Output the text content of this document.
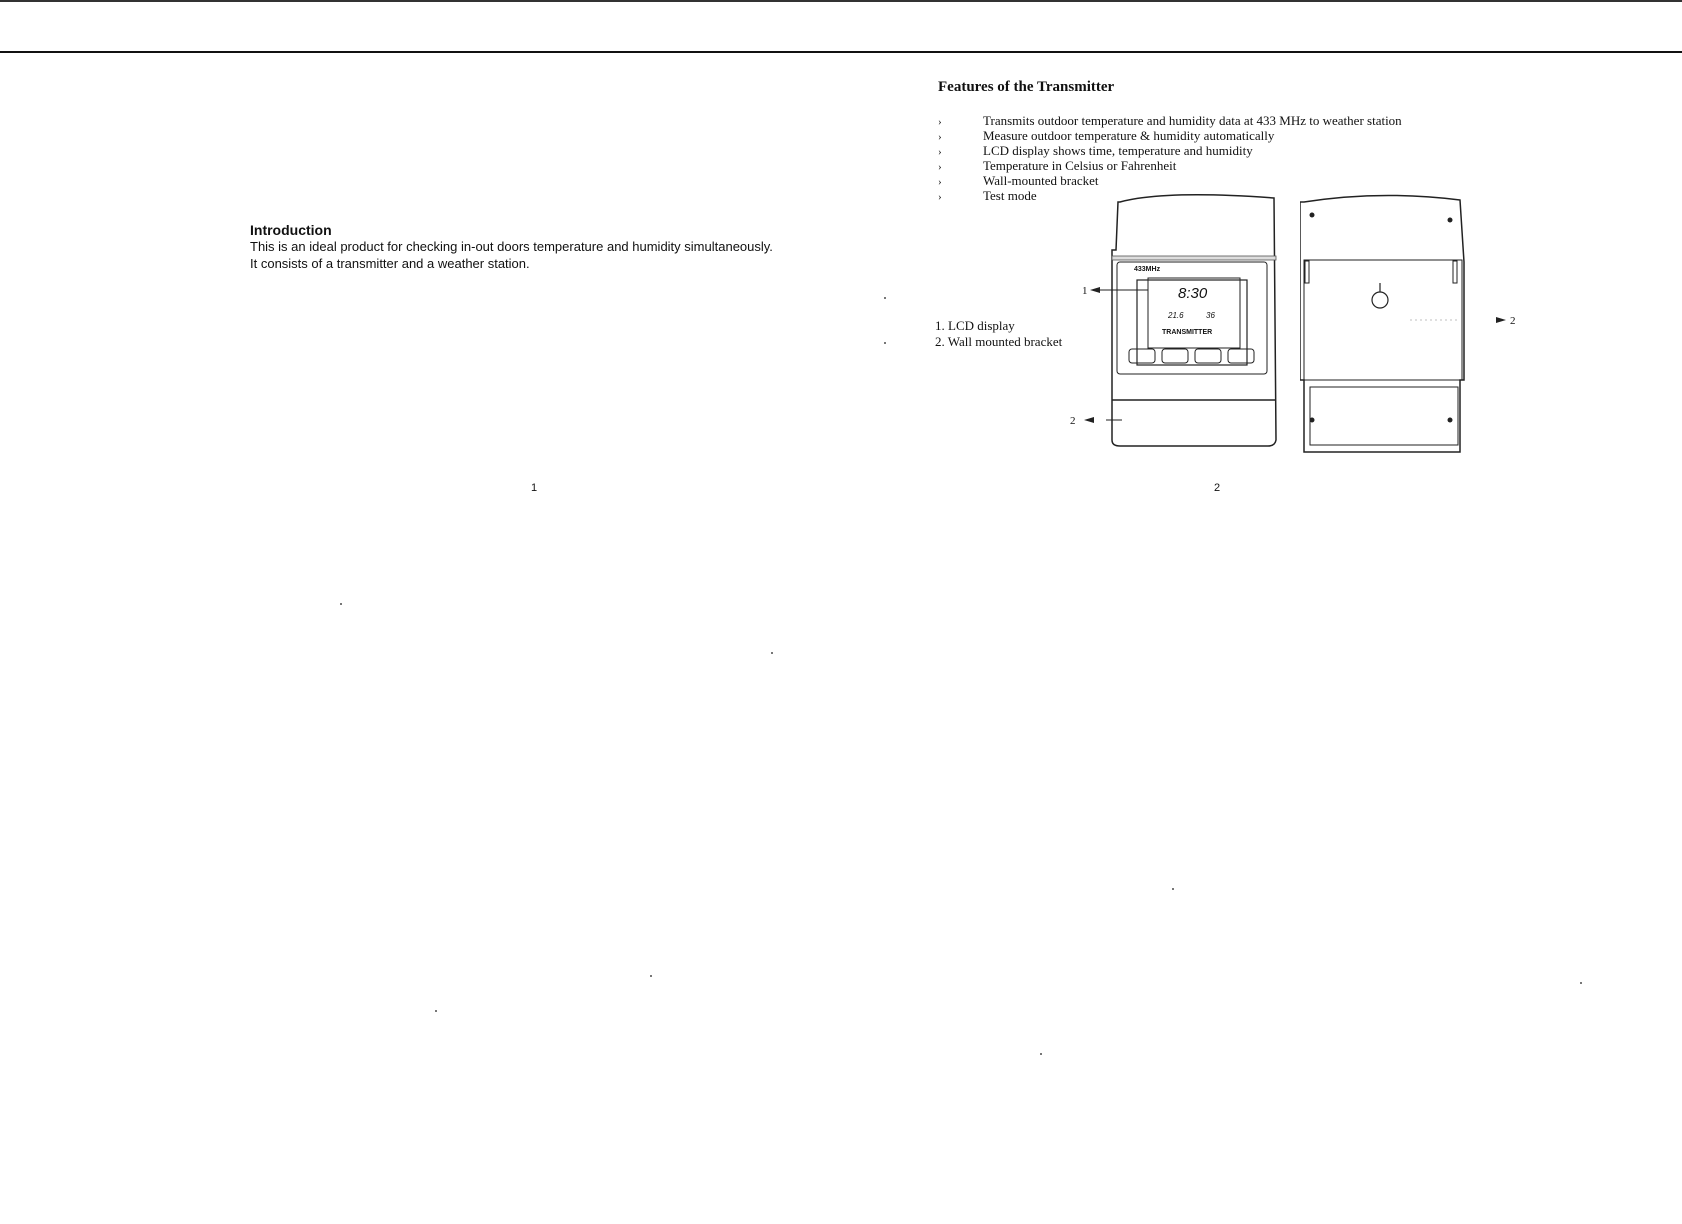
Introduction

This is an ideal product for checking in-out doors temperature and humidity simultaneously.

It consists of a transmitter and a weather station.

1
Features of the Transmitter
›	Transmits outdoor temperature and humidity data at 433 MHz to weather station
›	Measure outdoor temperature & humidity automatically
›	LCD display shows time, temperature and humidity
›	Temperature in Celsius or Fahrenheit
›	Wall-mounted bracket
›	Test mode
1. LCD display
2. Wall mounted bracket
433MHz
8:30
21.6	36
TRANSMITTER
1
2
2
2
